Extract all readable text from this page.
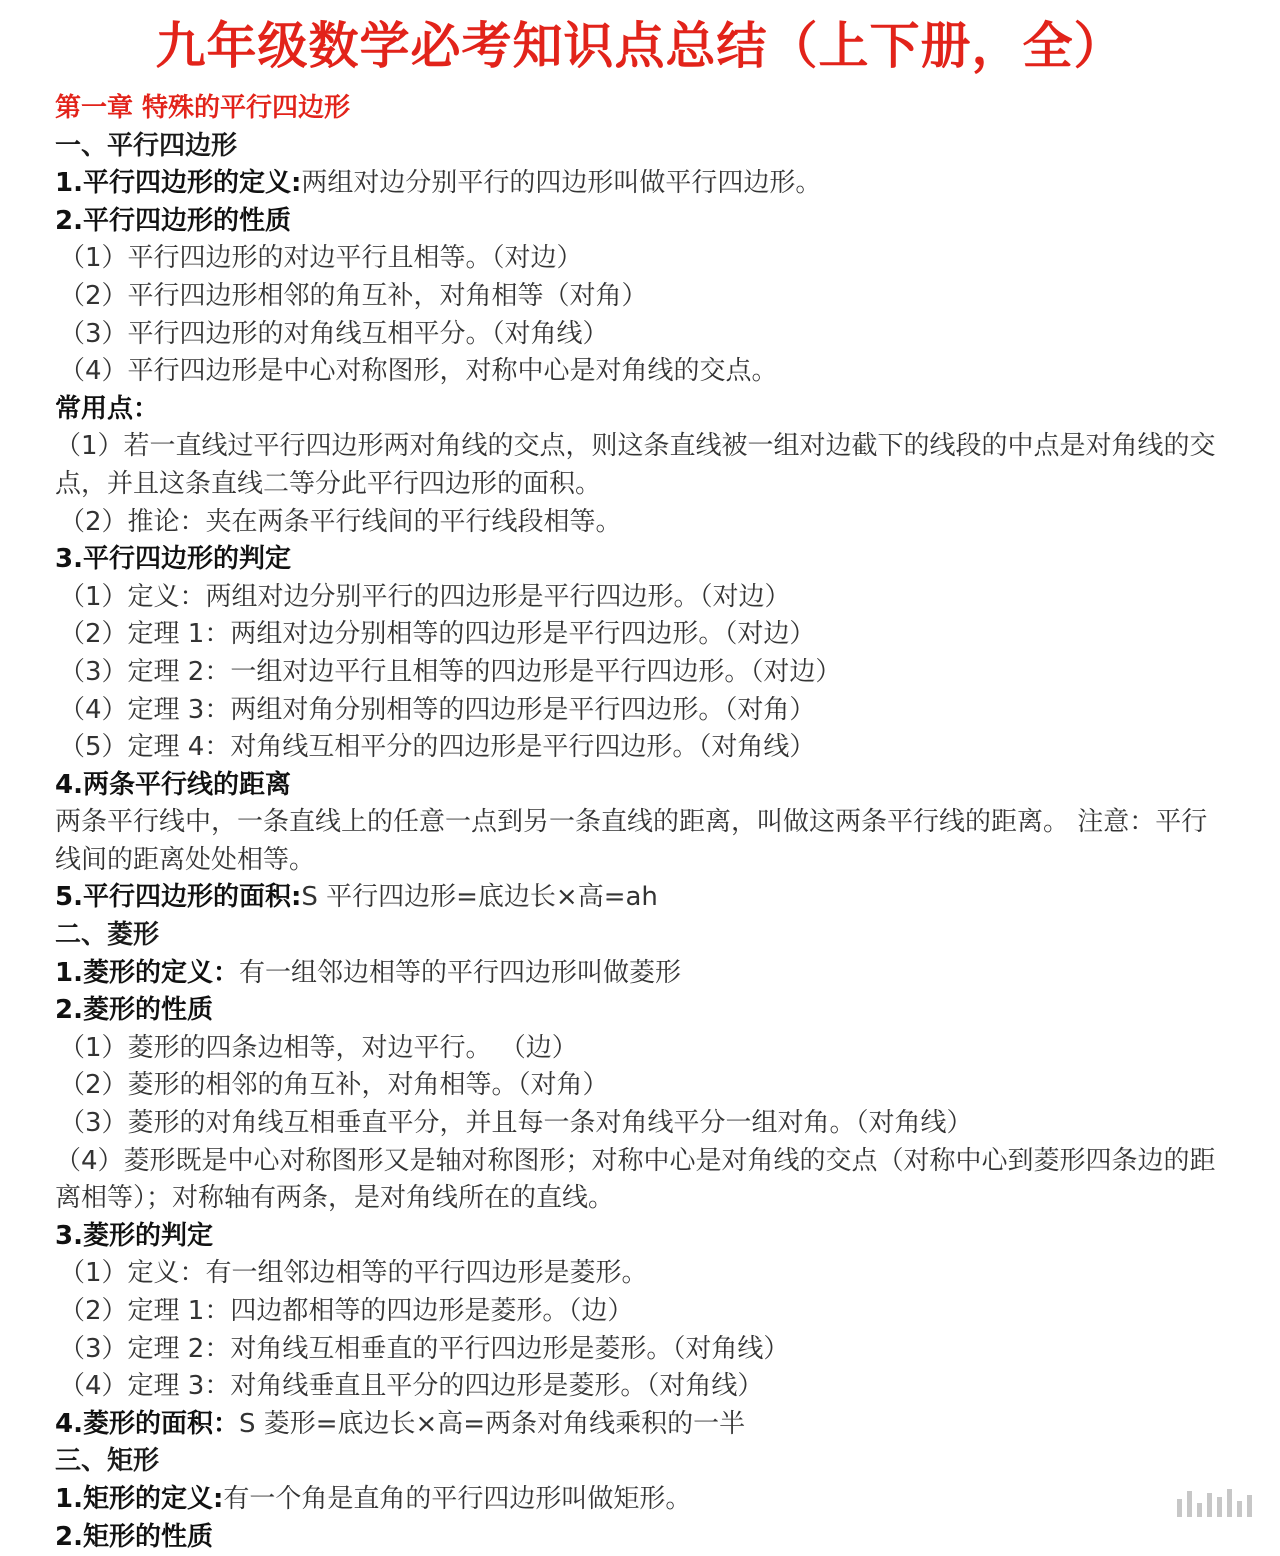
九年级数学必考知识点总结（上下册，全）
第一章 特殊的平行四边形
一、平行四边形
1.平行四边形的定义:两组对边分别平行的四边形叫做平行四边形。
2.平行四边形的性质
（1）平行四边形的对边平行且相等。（对边）
（2）平行四边形相邻的角互补，对角相等（对角）
（3）平行四边形的对角线互相平分。（对角线）
（4）平行四边形是中心对称图形，对称中心是对角线的交点。
常用点：
（1）若一直线过平行四边形两对角线的交点，则这条直线被一组对边截下的线段的中点是对角线的交点，并且这条直线二等分此平行四边形的面积。
（2）推论：夹在两条平行线间的平行线段相等。
3.平行四边形的判定
（1）定义：两组对边分别平行的四边形是平行四边形。（对边）
（2）定理 1：两组对边分别相等的四边形是平行四边形。（对边）
（3）定理 2：一组对边平行且相等的四边形是平行四边形。（对边）
（4）定理 3：两组对角分别相等的四边形是平行四边形。（对角）
（5）定理 4：对角线互相平分的四边形是平行四边形。（对角线）
4.两条平行线的距离
两条平行线中，一条直线上的任意一点到另一条直线的距离，叫做这两条平行线的距离。 注意：平行线间的距离处处相等。
5.平行四边形的面积:S 平行四边形=底边长×高=ah
二、菱形
1.菱形的定义：有一组邻边相等的平行四边形叫做菱形
2.菱形的性质
（1）菱形的四条边相等，对边平行。 （边）
（2）菱形的相邻的角互补，对角相等。（对角）
（3）菱形的对角线互相垂直平分，并且每一条对角线平分一组对角。（对角线）
（4）菱形既是中心对称图形又是轴对称图形；对称中心是对角线的交点（对称中心到菱形四条边的距离相等）；对称轴有两条，是对角线所在的直线。
3.菱形的判定
（1）定义：有一组邻边相等的平行四边形是菱形。
（2）定理 1：四边都相等的四边形是菱形。（边）
（3）定理 2：对角线互相垂直的平行四边形是菱形。（对角线）
（4）定理 3：对角线垂直且平分的四边形是菱形。（对角线）
4.菱形的面积：S 菱形=底边长×高=两条对角线乘积的一半
三、矩形
1.矩形的定义:有一个角是直角的平行四边形叫做矩形。
2.矩形的性质
